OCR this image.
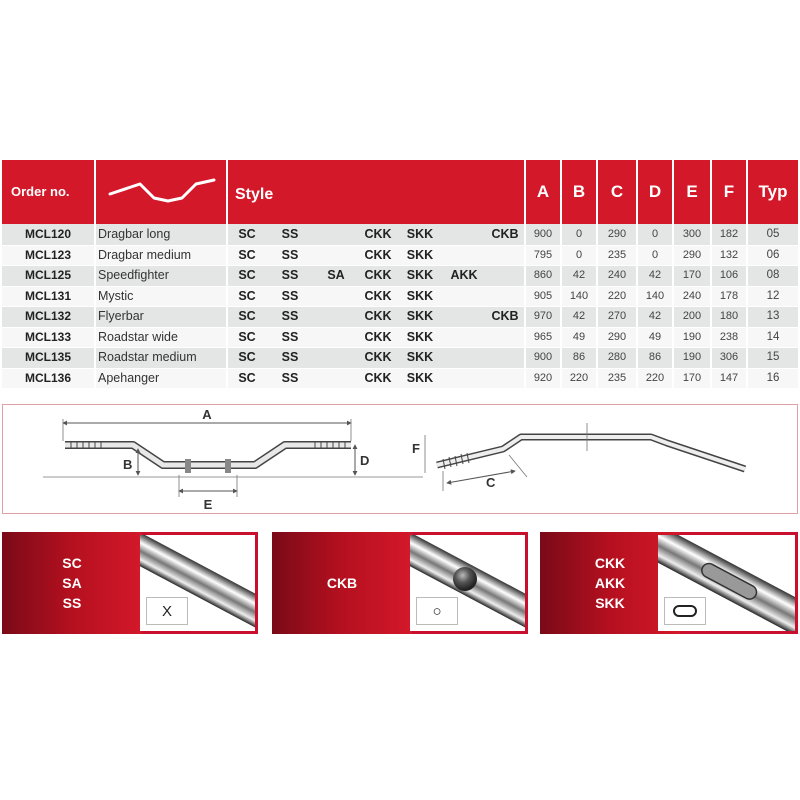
Order no.	Style	A	B	C	D	E	F	Typ
MCL120	Dragbar long	SC	SS	CKK	SKK	CKB	900	0	290	0	300	182	05
MCL123	Dragbar medium	SC	SS	CKK	SKK	795	0	235	0	290	132	06
MCL125	Speedfighter	SC	SS	SA	CKK	SKK	AKK	860	42	240	42	170	106	08
MCL131	Mystic	SC	SS	CKK	SKK	905	140	220	140	240	178	12
MCL132	Flyerbar	SC	SS	CKK	SKK	CKB	970	42	270	42	200	180	13
MCL133	Roadstar wide	SC	SS	CKK	SKK	965	49	290	49	190	238	14
MCL135	Roadstar medium	SC	SS	CKK	SKK	900	86	280	86	190	306	15
MCL136	Apehanger	SC	SS	CKK	SKK	920	220	235	220	170	147	16
A
B	D
E
F
C
SC
SA
SS	X
CKB
○
CKK
AKK
SKK
